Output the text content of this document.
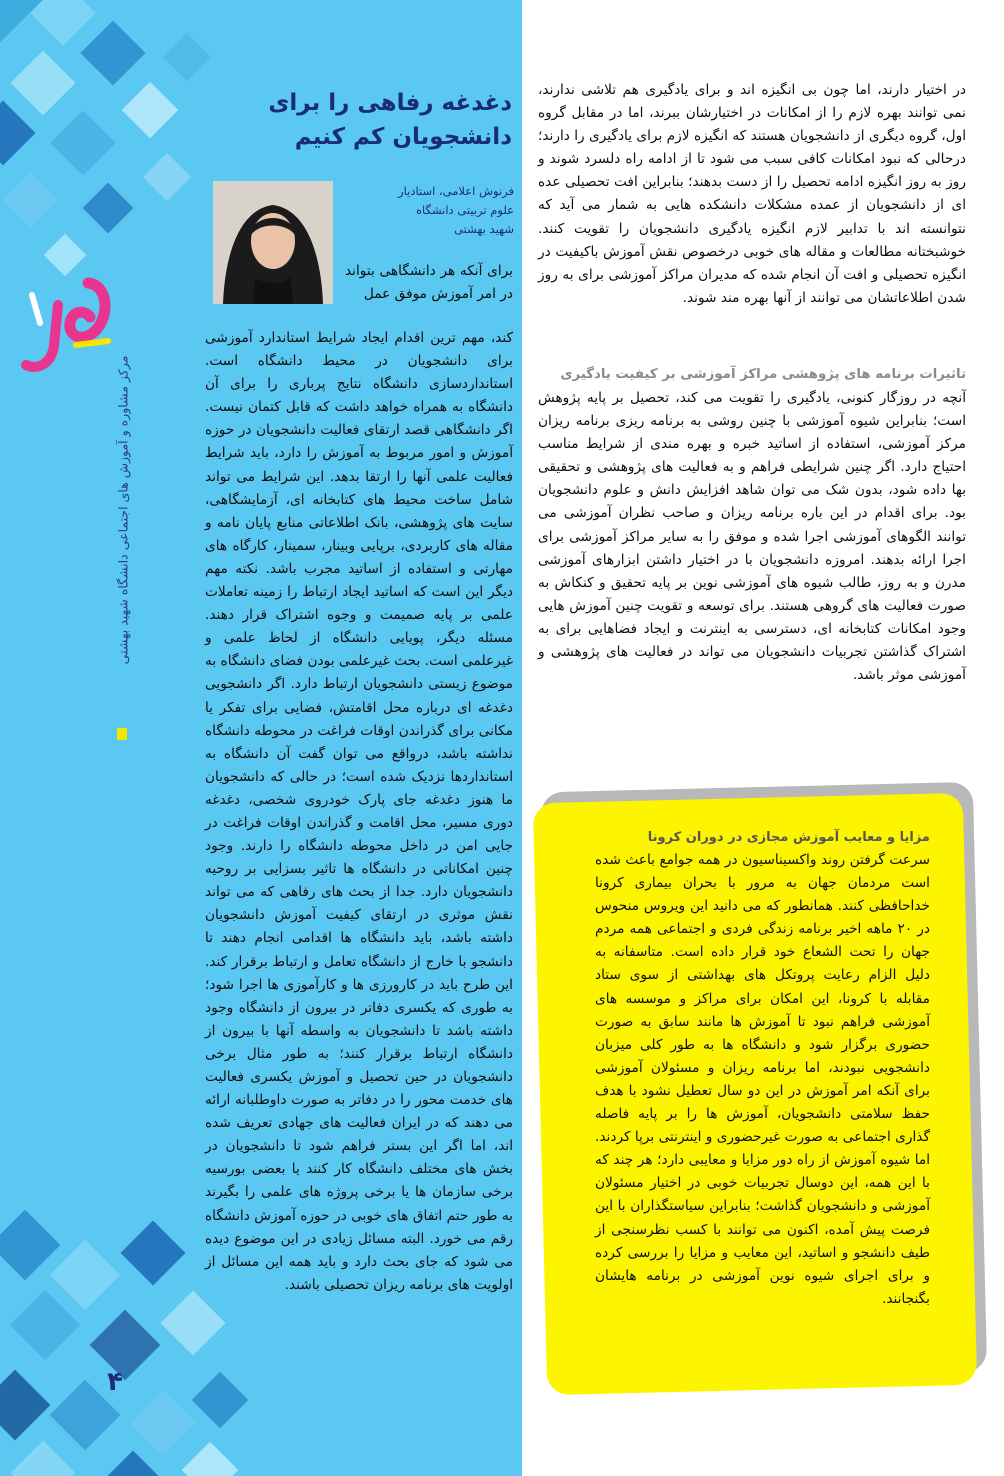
مرکز مشاوره و آموزش های اجتماعی دانشگاه شهید بهشتی
۴
دغدغه رفاهی را برای
دانشجویان کم کنیم
فرنوش اعلامی، استادیار
علوم تربیتی دانشگاه
شهید بهشتی
برای آنکه هر دانشگاهی بتواند در امر آموزش موفق عمل
کند، مهم ترین اقدام ایجاد شرایط استاندارد آموزشی برای دانشجویان در محیط دانشگاه است. استانداردسازی دانشگاه نتایج پرباری را برای آن دانشگاه به همراه خواهد داشت که قابل کتمان نیست. اگر دانشگاهی قصد ارتقای فعالیت دانشجویان در حوزه آموزش و امور مربوط به آموزش را دارد، باید شرایط فعالیت علمی آنها را ارتقا بدهد. این شرایط می تواند شامل ساخت محیط های کتابخانه ای، آزمایشگاهی، سایت های پژوهشی، بانک اطلاعاتی منابع پایان نامه و مقاله های کاربردی، برپایی وبینار، سمینار، کارگاه های مهارتی و استفاده از اساتید مجرب باشد. نکته مهم دیگر این است که اساتید ایجاد ارتباط را زمینه تعاملات علمی بر پایه صمیمت و وجوه اشتراک قرار دهند. مسئله دیگر، پویایی دانشگاه از لحاظ علمی و غیرعلمی است. بحث غیرعلمی بودن فضای دانشگاه به موضوع زیستی دانشجویان ارتباط دارد. اگر دانشجویی دغدغه ای درباره محل اقامتش، فضایی برای تفکر یا مکانی برای گذراندن اوقات فراغت در محوطه دانشگاه نداشته باشد، درواقع می توان گفت آن دانشگاه به استانداردها نزدیک شده است؛ در حالی که دانشجویان ما هنوز دغدغه جای پارک خودروی شخصی، دغدغه دوری مسیر، محل اقامت و گذراندن اوقات فراغت در جایی امن در داخل محوطه دانشگاه را دارند. وجود چنین امکاناتی در دانشگاه ها تاثیر بسزایی بر روحیه دانشجویان دارد. جدا از بحث های رفاهی که می تواند نقش موثری در ارتقای کیفیت آموزش دانشجویان داشته باشد، باید دانشگاه ها اقدامی انجام دهند تا دانشجو با خارج از دانشگاه تعامل و ارتباط برقرار کند. این طرح باید در کارورزی ها و کارآموزی ها اجرا شود؛ به طوری که یکسری دفاتر در بیرون از دانشگاه وجود داشته باشد تا دانشجویان به واسطه آنها با بیرون از دانشگاه ارتباط برقرار کنند؛ به طور مثال برخی دانشجویان در حین تحصیل و آموزش یکسری فعالیت های خدمت محور را در دفاتر به صورت داوطلبانه ارائه می دهند که در ایران فعالیت های جهادی تعریف شده اند، اما اگر این بستر فراهم شود تا دانشجویان در بخش های مختلف دانشگاه کار کنند یا بعضی بورسیه برخی سازمان ها یا برخی پروژه های علمی را بگیرند به طور حتم اتفاق های خوبی در حوزه آموزش دانشگاه رقم می خورد. البته مسائل زیادی در این موضوع دیده می شود که جای بحث دارد و باید همه این مسائل از اولویت های برنامه ریزان تحصیلی باشند.
در اختیار دارند، اما چون بی انگیزه اند و برای یادگیری هم تلاشی ندارند، نمی توانند بهره لازم را از امکانات در اختیارشان ببرند، اما در مقابل گروه اول، گروه دیگری از دانشجویان هستند که انگیزه لازم برای یادگیری را دارند؛ درحالی که نبود امکانات کافی سبب می شود تا از ادامه راه دلسرد شوند و روز به روز انگیزه ادامه تحصیل را از دست بدهند؛ بنابراین افت تحصیلی عده ای از دانشجویان از عمده مشکلات دانشکده هایی به شمار می آید که نتوانسته اند با تدابیر لازم انگیزه یادگیری دانشجویان را تقویت کنند. خوشبختانه مطالعات و مقاله های خوبی درخصوص نقش آموزش باکیفیت در انگیزه تحصیلی و افت آن انجام شده که مدیران مراکز آموزشی برای به روز شدن اطلاعاتشان می توانند از آنها بهره مند شوند.
تاثیرات برنامه های پژوهشی مراکز آموزشی بر کیفیت یادگیری
آنچه در روزگار کنونی، یادگیری را تقویت می کند، تحصیل بر پایه پژوهش است؛ بنابراین شیوه آموزشی با چنین روشی به برنامه ریزی برنامه ریزان مرکز آموزشی، استفاده از اساتید خبره و بهره مندی از شرایط مناسب احتیاج دارد. اگر چنین شرایطی فراهم و به فعالیت های پژوهشی و تحقیقی بها داده شود، بدون شک می توان شاهد افزایش دانش و علوم دانشجویان بود. برای اقدام در این باره برنامه ریزان و صاحب نظران آموزشی می توانند الگوهای آموزشی اجرا شده و موفق را به سایر مراکز آموزشی برای اجرا ارائه بدهند. امروزه دانشجویان با در اختیار داشتن ابزارهای آموزشی مدرن و به روز، طالب شیوه های آموزشی نوین بر پایه تحقیق و کنکاش به صورت فعالیت های گروهی هستند. برای توسعه و تقویت چنین آموزش هایی وجود امکانات کتابخانه ای، دسترسی به اینترنت و ایجاد فضاهایی برای به اشتراک گذاشتن تجربیات دانشجویان می تواند در فعالیت های پژوهشی و آموزشی موثر باشد.
مزایا و معایب آموزش مجازی در دوران کرونا
سرعت گرفتن روند واکسیناسیون در همه جوامع باعث شده است مردمان جهان به مرور با بحران بیماری کرونا خداحافظی کنند. همانطور که می دانید این ویروس منحوس در ۲۰ ماهه اخیر برنامه زندگی فردی و اجتماعی همه مردم جهان را تحت الشعاع خود قرار داده است. متاسفانه به دلیل الزام رعایت پروتکل های بهداشتی از سوی ستاد مقابله با کرونا، این امکان برای مراکز و موسسه های آموزشی فراهم نبود تا آموزش ها مانند سابق به صورت حضوری برگزار شود و دانشگاه ها به طور کلی میزبان دانشجویی نبودند، اما برنامه ریزان و مسئولان آموزشی برای آنکه امر آموزش در این دو سال تعطیل نشود با هدف حفظ سلامتی دانشجویان، آموزش ها را بر پایه فاصله گذاری اجتماعی به صورت غیرحضوری و اینترنتی برپا کردند. اما شیوه آموزش از راه دور مزایا و معایبی دارد؛ هر چند که با این همه، این دوسال تجربیات خوبی در اختیار مسئولان آموزشی و دانشجویان گذاشت؛ بنابراین سیاستگذاران با این فرصت پیش آمده، اکنون می توانند با کسب نظرسنجی از طیف دانشجو و اساتید، این معایب و مزایا را بررسی کرده و برای اجرای شیوه نوین آموزشی در برنامه هایشان بگنجانند.
